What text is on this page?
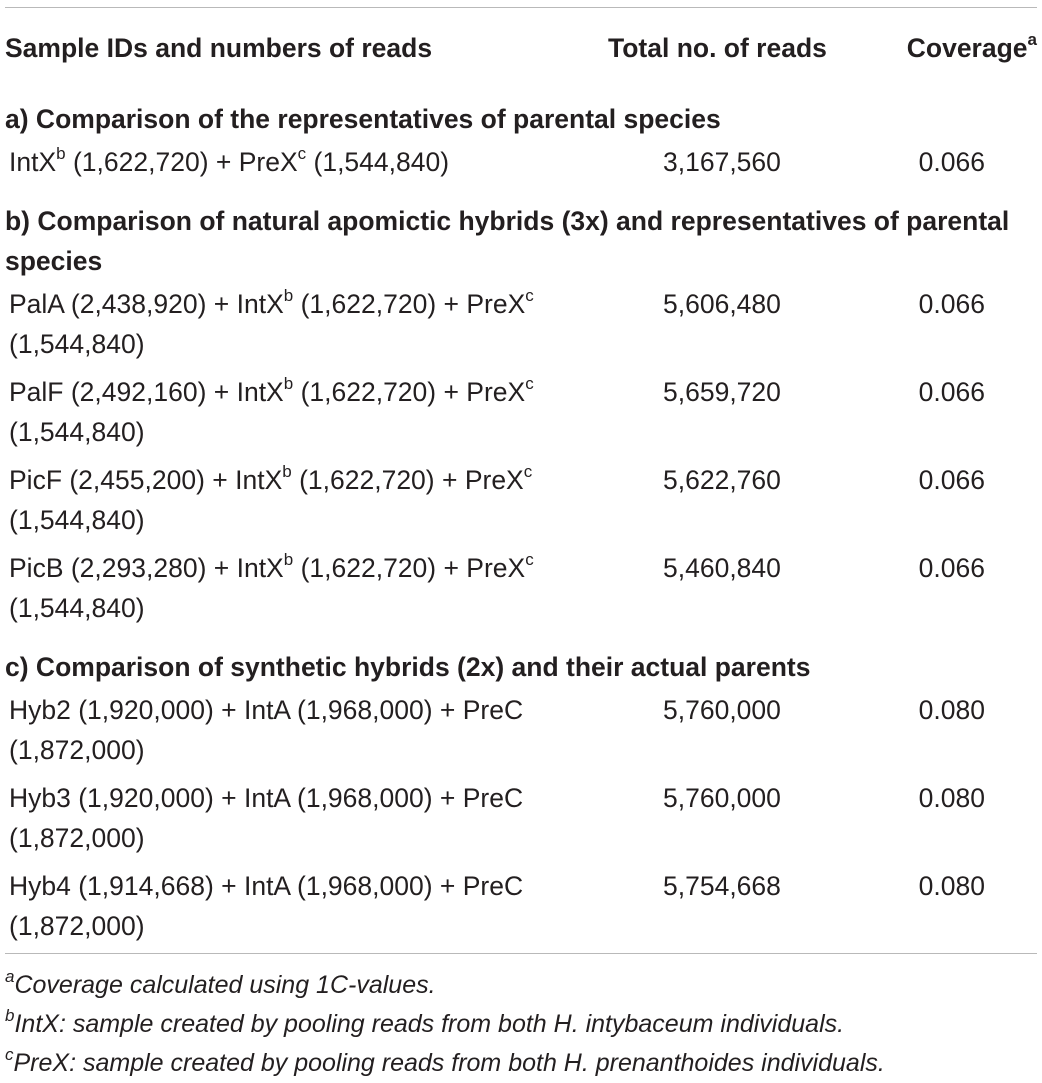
Sample IDs and numbers of reads	Total no. of reads	Coverage$^a$
a) Comparison of the representatives of parental species		
IntX$^b$ (1,622,720) + PreX$^c$ (1,544,840)	3,167,560	0.066
b) Comparison of natural apomictic hybrids (3x) and representatives of parental species		
PalA (2,438,920) + IntX$^b$ (1,622,720) + PreX$^c$ (1,544,840)	5,606,480	0.066
PalF (2,492,160) + IntX$^b$ (1,622,720) + PreX$^c$ (1,544,840)	5,659,720	0.066
PicF (2,455,200) + IntX$^b$ (1,622,720) + PreX$^c$ (1,544,840)	5,622,760	0.066
PicB (2,293,280) + IntX$^b$ (1,622,720) + PreX$^c$ (1,544,840)	5,460,840	0.066
c) Comparison of synthetic hybrids (2x) and their actual parents		
Hyb2 (1,920,000) + IntA (1,968,000) + PreC (1,872,000)	5,760,000	0.080
Hyb3 (1,920,000) + IntA (1,968,000) + PreC (1,872,000)	5,760,000	0.080
Hyb4 (1,914,668) + IntA (1,968,000) + PreC (1,872,000)	5,754,668	0.080
$^a$Coverage calculated using 1C-values.
$^b$IntX: sample created by pooling reads from both H. intybaceum individuals.
$^c$PreX: sample created by pooling reads from both H. prenanthoides individuals.
